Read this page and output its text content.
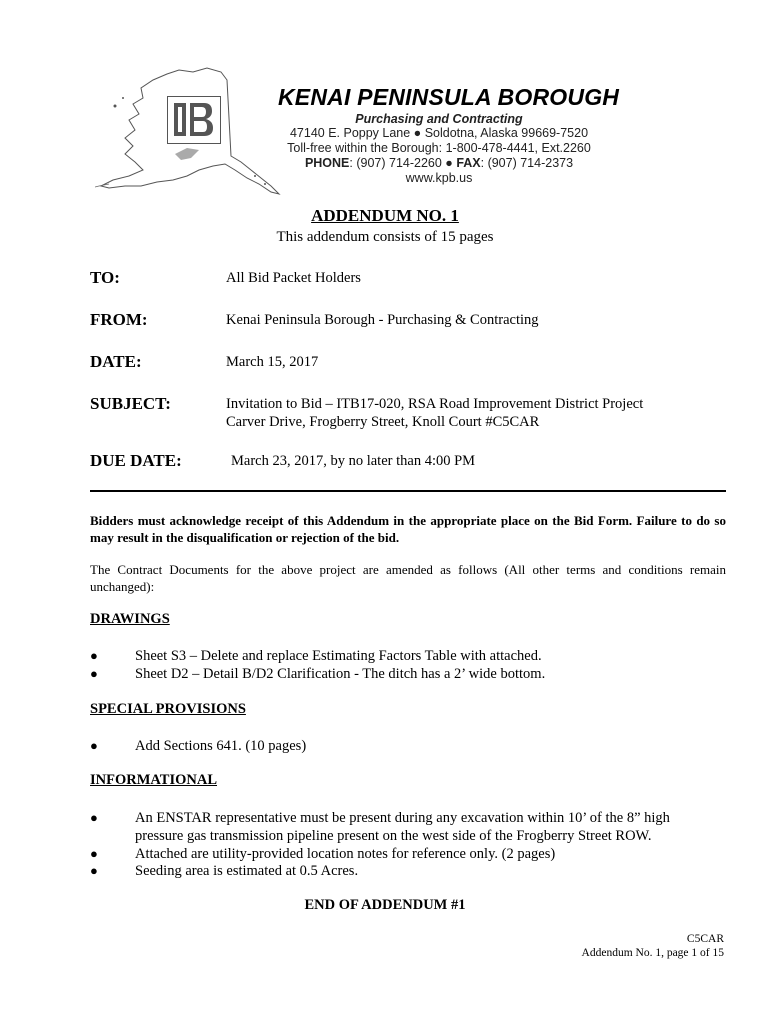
KENAI PENINSULA BOROUGH
Purchasing and Contracting
47140 E. Poppy Lane ● Soldotna, Alaska 99669-7520
Toll-free within the Borough: 1-800-478-4441, Ext.2260
PHONE: (907) 714-2260 ● FAX: (907) 714-2373
www.kpb.us
ADDENDUM NO. 1
This addendum consists of 15 pages
TO:	All Bid Packet Holders
FROM:	Kenai Peninsula Borough - Purchasing & Contracting
DATE:	March 15, 2017
SUBJECT:	Invitation to Bid – ITB17-020, RSA Road Improvement District Project
Carver Drive, Frogberry Street, Knoll Court #C5CAR
DUE DATE:	March 23, 2017, by no later than 4:00 PM
Bidders must acknowledge receipt of this Addendum in the appropriate place on the Bid Form. Failure to do so may result in the disqualification or rejection of the bid.
The Contract Documents for the above project are amended as follows (All other terms and conditions remain unchanged):
DRAWINGS
●	Sheet S3 – Delete and replace Estimating Factors Table with attached.
●	Sheet D2 – Detail B/D2 Clarification - The ditch has a 2’ wide bottom.
SPECIAL PROVISIONS
●	Add Sections 641. (10 pages)
INFORMATIONAL
●	An ENSTAR representative must be present during any excavation within 10’ of the 8” high pressure gas transmission pipeline present on the west side of the Frogberry Street ROW.
●	Attached are utility-provided location notes for reference only. (2 pages)
●	Seeding area is estimated at 0.5 Acres.
END OF ADDENDUM #1
C5CAR
Addendum No. 1, page 1 of 15
